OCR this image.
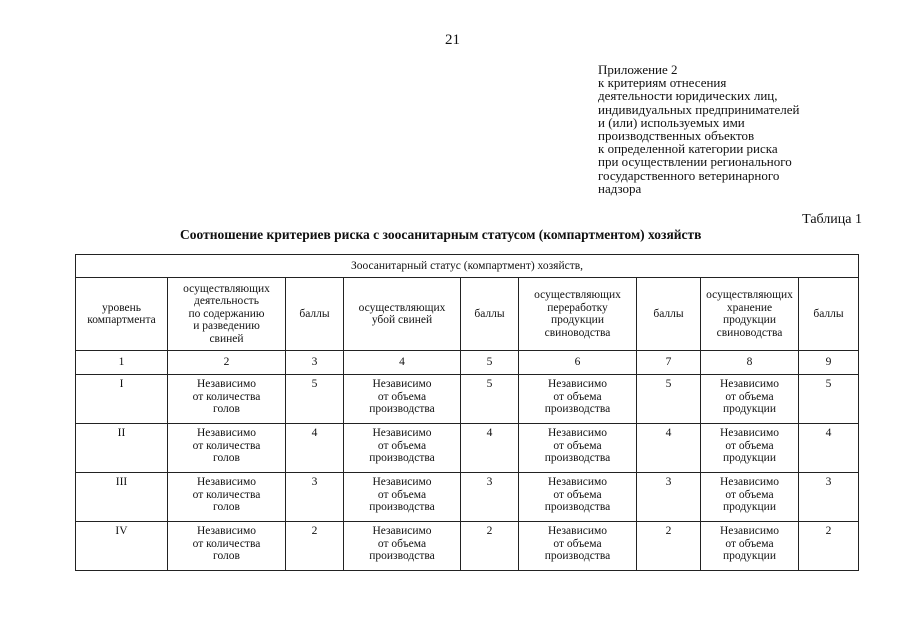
21
Приложение 2
к критериям отнесения
деятельности юридических лиц,
индивидуальных предпринимателей
и (или) используемых ими
производственных объектов
к определенной категории риска
при осуществлении регионального
государственного ветеринарного
надзора
Таблица 1
Соотношение критериев риска с зоосанитарным статусом (компартментом) хозяйств
Зоосанитарный статус (компартмент) хозяйств,								

уровень
компартмента	осуществляющих
деятельность
по содержанию
и разведению
свиней	баллы	осуществляющих
убой свиней	баллы	осуществляющих
переработку
продукции
свиноводства	баллы	осуществляющих
хранение
продукции
свиноводства	баллы

1	2	3	4	5	6	7	8	9
I	Независимо
от количества
голов	5	Независимо
от объема
производства	5	Независимо
от объема
производства	5	Независимо
от объема
продукции	5
II	Независимо
от количества
голов	4	Независимо
от объема
производства	4	Независимо
от объема
производства	4	Независимо
от объема
продукции	4
III	Независимо
от количества
голов	3	Независимо
от объема
производства	3	Независимо
от объема
производства	3	Независимо
от объема
продукции	3
IV	Независимо
от количества
голов	2	Независимо
от объема
производства	2	Независимо
от объема
производства	2	Независимо
от объема
продукции	2
